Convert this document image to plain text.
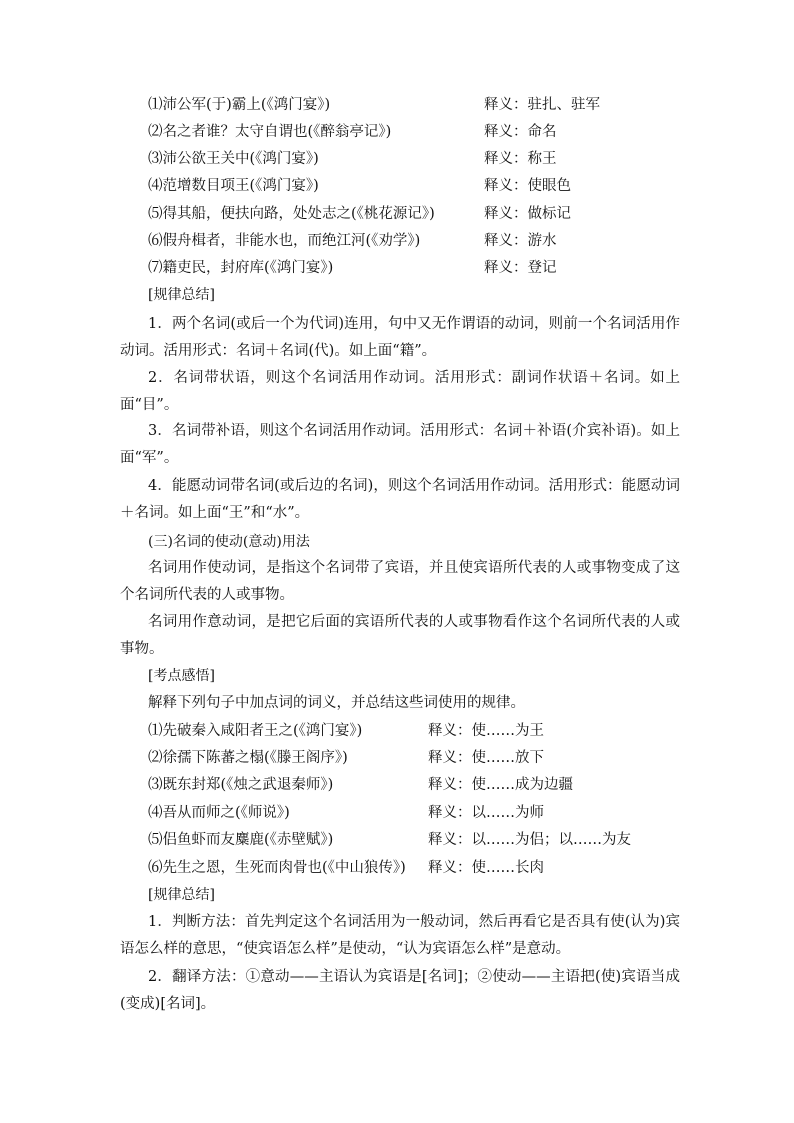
⑴沛公军(于)霸上(《鸿门宴》)	释义：驻扎、驻军
⑵名之者谁？太守自谓也(《醉翁亭记》)	释义：命名
⑶沛公欲王关中(《鸿门宴》)	释义：称王
⑷范增数目项王(《鸿门宴》)	释义：使眼色
⑸得其船，便扶向路，处处志之(《桃花源记》)	释义：做标记
⑹假舟楫者，非能水也，而绝江河(《劝学》)	释义：游水
⑺籍吏民，封府库(《鸿门宴》)	释义：登记
[规律总结]
1．两个名词(或后一个为代词)连用，句中又无作谓语的动词，则前一个名词活用作动词。活用形式：名词＋名词(代)。如上面“籍”。
2．名词带状语，则这个名词活用作动词。活用形式：副词作状语＋名词。如上面“目”。
3．名词带补语，则这个名词活用作动词。活用形式：名词＋补语(介宾补语)。如上面“军”。
4．能愿动词带名词(或后边的名词)，则这个名词活用作动词。活用形式：能愿动词＋名词。如上面“王”和“水”。
(三)名词的使动(意动)用法
名词用作使动词，是指这个名词带了宾语，并且使宾语所代表的人或事物变成了这个名词所代表的人或事物。
名词用作意动词，是把它后面的宾语所代表的人或事物看作这个名词所代表的人或事物。
[考点感悟]
解释下列句子中加点词的词义，并总结这些词使用的规律。
⑴先破秦入咸阳者王之(《鸿门宴》)	释义：使……为王
⑵徐孺下陈蕃之榻(《滕王阁序》)	释义：使……放下
⑶既东封郑(《烛之武退秦师》)	释义：使……成为边疆
⑷吾从而师之(《师说》)	释义：以……为师
⑸侣鱼虾而友麋鹿(《赤壁赋》)	释义：以……为侣；以……为友
⑹先生之恩，生死而肉骨也(《中山狼传》) 释义：使……长肉
[规律总结]
1．判断方法：首先判定这个名词活用为一般动词，然后再看它是否具有使(认为)宾语怎么样的意思，“使宾语怎么样”是使动，“认为宾语怎么样”是意动。
2．翻译方法：①意动——主语认为宾语是[名词]；②使动——主语把(使)宾语当成(变成)[名词]。
